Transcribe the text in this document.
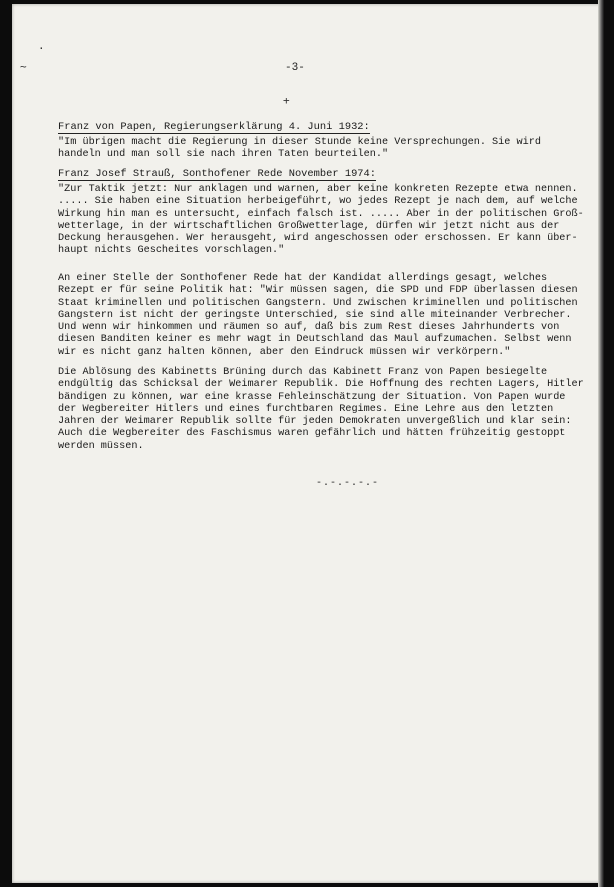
·
~
+
-3-
Franz von Papen, Regierungserklärung 4. Juni 1932:
"Im übrigen macht die Regierung in dieser Stunde keine Versprechungen. Sie wird
handeln und man soll sie nach ihren Taten beurteilen."
Franz Josef Strauß, Sonthofener Rede November 1974:
"Zur Taktik jetzt: Nur anklagen und warnen, aber keine konkreten Rezepte etwa nennen.
..... Sie haben eine Situation herbeigeführt, wo jedes Rezept je nach dem, auf welche
Wirkung hin man es untersucht, einfach falsch ist. ..... Aber in der politischen Groß-
wetterlage, in der wirtschaftlichen Großwetterlage, dürfen wir jetzt nicht aus der
Deckung herausgehen. Wer herausgeht, wird angeschossen oder erschossen. Er kann über-
haupt nichts Gescheites vorschlagen."
An einer Stelle der Sonthofener Rede hat der Kandidat allerdings gesagt, welches
Rezept er für seine Politik hat: "Wir müssen sagen, die SPD und FDP überlassen diesen
Staat kriminellen und politischen Gangstern. Und zwischen kriminellen und politischen
Gangstern ist nicht der geringste Unterschied, sie sind alle miteinander Verbrecher.
Und wenn wir hinkommen und räumen so auf, daß bis zum Rest dieses Jahrhunderts von
diesen Banditen keiner es mehr wagt in Deutschland das Maul aufzumachen. Selbst wenn
wir es nicht ganz halten können, aber den Eindruck müssen wir verkörpern."
Die Ablösung des Kabinetts Brüning durch das Kabinett Franz von Papen besiegelte
endgültig das Schicksal der Weimarer Republik. Die Hoffnung des rechten Lagers, Hitler
bändigen zu können, war eine krasse Fehleinschätzung der Situation. Von Papen wurde
der Wegbereiter Hitlers und eines furchtbaren Regimes. Eine Lehre aus den letzten
Jahren der Weimarer Republik sollte für jeden Demokraten unvergeßlich und klar sein:
Auch die Wegbereiter des Faschismus waren gefährlich und hätten frühzeitig gestoppt
werden müssen.
-.-.-.-.-
